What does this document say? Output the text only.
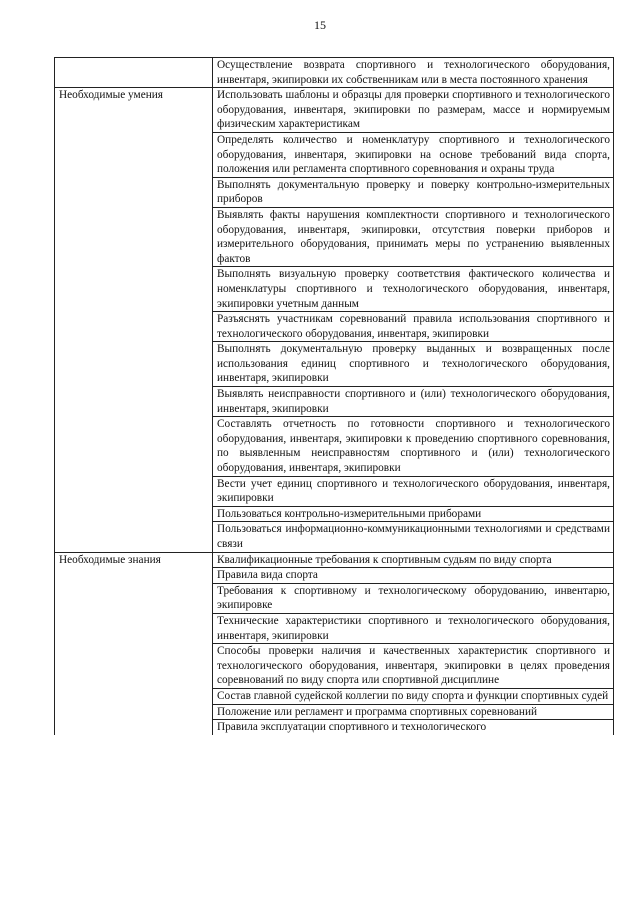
15
	Осуществление возврата спортивного и технологического оборудования, инвентаря, экипировки их собственникам или в места постоянного хранения
Необходимые умения	Использовать шаблоны и образцы для проверки спортивного и технологического оборудования, инвентаря, экипировки по размерам, массе и нормируемым физическим характеристикам
	Определять количество и номенклатуру спортивного и технологического оборудования, инвентаря, экипировки на основе требований вида спорта, положения или регламента спортивного соревнования и охраны труда
	Выполнять документальную проверку и поверку контрольно-измерительных приборов
	Выявлять факты нарушения комплектности спортивного и технологического оборудования, инвентаря, экипировки, отсутствия поверки приборов и измерительного оборудования, принимать меры по устранению выявленных фактов
	Выполнять визуальную проверку соответствия фактического количества и номенклатуры спортивного и технологического оборудования, инвентаря, экипировки учетным данным
	Разъяснять участникам соревнований правила использования спортивного и технологического оборудования, инвентаря, экипировки
	Выполнять документальную проверку выданных и возвращенных после использования единиц спортивного и технологического оборудования, инвентаря, экипировки
	Выявлять неисправности спортивного и (или) технологического оборудования, инвентаря, экипировки
	Составлять отчетность по готовности спортивного и технологического оборудования, инвентаря, экипировки к проведению спортивного соревнования, по выявленным неисправностям спортивного и (или) технологического оборудования, инвентаря, экипировки
	Вести учет единиц спортивного и технологического оборудования, инвентаря, экипировки
	Пользоваться контрольно-измерительными приборами
	Пользоваться информационно-коммуникационными технологиями и средствами связи
Необходимые знания	Квалификационные требования к спортивным судьям по виду спорта
	Правила вида спорта
	Требования к спортивному и технологическому оборудованию, инвентарю, экипировке
	Технические характеристики спортивного и технологического оборудования, инвентаря, экипировки
	Способы проверки наличия и качественных характеристик спортивного и технологического оборудования, инвентаря, экипировки в целях проведения соревнований по виду спорта или спортивной дисциплине
	Состав главной судейской коллегии по виду спорта и функции спортивных судей
	Положение или регламент и программа спортивных соревнований
	Правила эксплуатации спортивного и технологического
